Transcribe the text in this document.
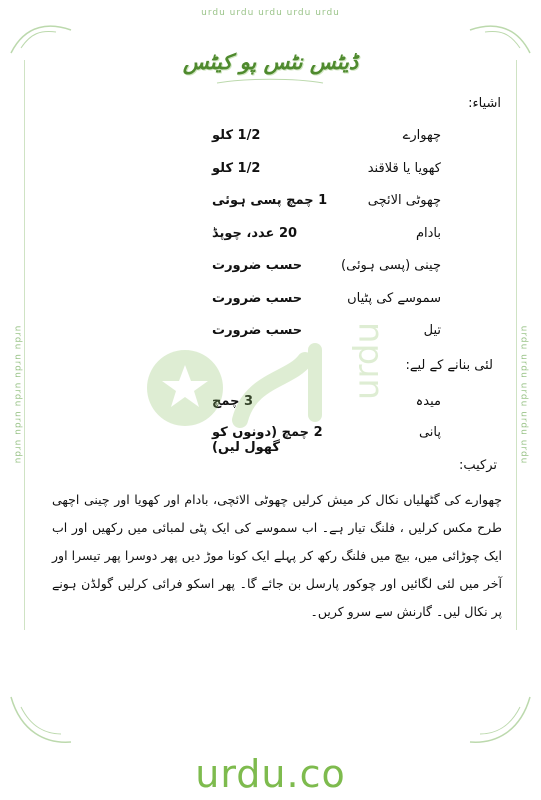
urdu urdu urdu urdu urdu
urdu urdu urdu urdu urdu	urdu urdu urdu urdu urdu
ڈیٹس نٹس پو کیٹس
اشیاء:
چھوارے
1/2 کلو
کھویا یا قلاقند
1/2 کلو
چھوٹی الائچی
1 چمچ پسی ہوئی
بادام
20 عدد، چوپڈ
چینی (پسی ہوئی)
حسب ضرورت
سموسے کی پٹیاں
حسب ضرورت
تیل
حسب ضرورت
لئی بنانے کے لیے:
میدہ
3 چمچ
پانی
2 چمچ (دونوں کو گھول لیں)
urdu
ترکیب:
چھوارے کی گٹھلیاں نکال کر میش کرلیں چھوٹی الائچی، بادام اور کھویا اور چینی اچھی طرح مکس کرلیں ، فلنگ تیار ہے۔ اب سموسے کی ایک پٹی لمبائی میں رکھیں اور اب ایک چوڑائی میں، بیچ میں فلنگ رکھ کر پہلے ایک کونا موڑ دیں پھر دوسرا پھر تیسرا اور آخر میں لئی لگائیں اور چوکور پارسل بن جائے گا۔ پھر اسکو فرائی کرلیں گولڈن ہونے پر نکال لیں۔ گارنش سے سرو کریں۔
urdu.co
